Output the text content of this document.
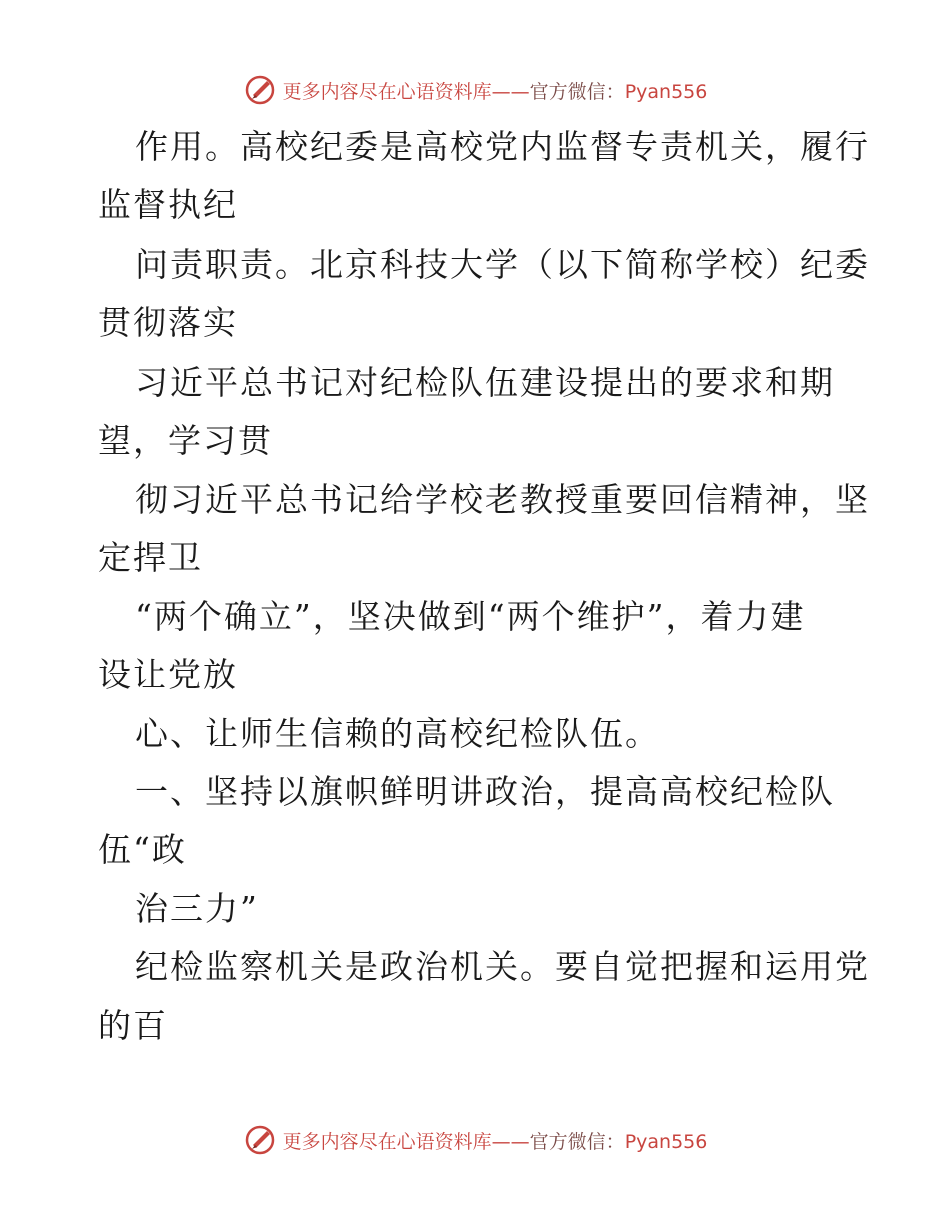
更多内容尽在心语资料库——官方微信：Pyan556
作用。高校纪委是高校党内监督专责机关，履行
监督执纪
问责职责。北京科技大学（以下简称学校）纪委
贯彻落实
习近平总书记对纪检队伍建设提出的要求和期
望，学习贯
彻习近平总书记给学校老教授重要回信精神，坚
定捍卫
“两个确立”，坚决做到“两个维护”，着力建
设让党放
心、让师生信赖的高校纪检队伍。
一、坚持以旗帜鲜明讲政治，提高高校纪检队
伍“政
治三力”
纪检监察机关是政治机关。要自觉把握和运用党
的百
更多内容尽在心语资料库——官方微信：Pyan556
